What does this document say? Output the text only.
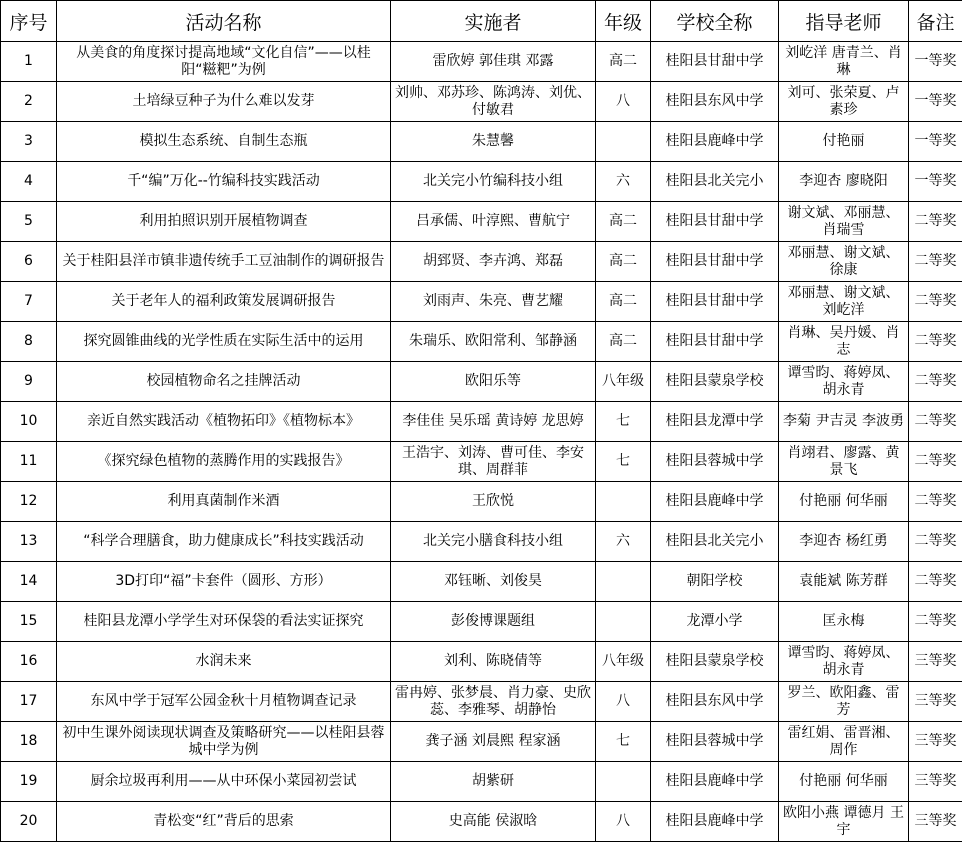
序号	活动名称	实施者	年级	学校全称	指导老师	备注
1	从美食的角度探讨提高地域“文化自信”——以桂阳“糍粑”为例	雷欣婷 郭佳琪 邓露	高二	桂阳县甘甜中学	刘屹洋 唐青兰、肖琳	一等奖
2	土培绿豆种子为什么难以发芽	刘帅、邓苏珍、陈鸿涛、刘优、付敏君	八	桂阳县东风中学	刘可、张荣夏、卢素珍	一等奖
3	模拟生态系统、自制生态瓶	朱慧馨		桂阳县鹿峰中学	付艳丽	一等奖
4	千“编”万化--竹编科技实践活动	北关完小竹编科技小组	六	桂阳县北关完小	李迎杏 廖晓阳	一等奖
5	利用拍照识别开展植物调查	吕承儒、叶淳熙、曹航宁	高二	桂阳县甘甜中学	谢文斌、邓丽慧、肖瑞雪	二等奖
6	关于桂阳县洋市镇非遗传统手工豆油制作的调研报告	胡郅贤、李卉鸿、郑磊	高二	桂阳县甘甜中学	邓丽慧、谢文斌、徐康	二等奖
7	关于老年人的福利政策发展调研报告	刘雨声、朱亮、曹艺耀	高二	桂阳县甘甜中学	邓丽慧、谢文斌、刘屹洋	二等奖
8	探究圆锥曲线的光学性质在实际生活中的运用	朱瑞乐、欧阳常利、邹静涵	高二	桂阳县甘甜中学	肖琳、吴丹媛、肖志	二等奖
9	校园植物命名之挂牌活动	欧阳乐等	八年级	桂阳县蒙泉学校	谭雪昀、蒋婷凤、胡永青	二等奖
10	亲近自然实践活动《植物拓印》《植物标本》	李佳佳 吴乐瑶 黄诗婷 龙思婷	七	桂阳县龙潭中学	李菊 尹吉灵 李波勇	二等奖
11	《探究绿色植物的蒸腾作用的实践报告》	王浩宇、刘涛、曹可佳、李安琪、周群菲	七	桂阳县蓉城中学	肖翊君、廖露、黄景飞	二等奖
12	利用真菌制作米酒	王欣悦		桂阳县鹿峰中学	付艳丽 何华丽	二等奖
13	“科学合理膳食，助力健康成长”科技实践活动	北关完小膳食科技小组	六	桂阳县北关完小	李迎杏 杨红勇	二等奖
14	3D打印“福”卡套件（圆形、方形）	邓钰晰、刘俊昊		朝阳学校	袁能斌 陈芳群	二等奖
15	桂阳县龙潭小学学生对环保袋的看法实证探究	彭俊博课题组		龙潭小学	匡永梅	二等奖
16	水润未来	刘利、陈晓倩等	八年级	桂阳县蒙泉学校	谭雪昀、蒋婷凤、胡永青	三等奖
17	东风中学于冠军公园金秋十月植物调查记录	雷冉婷、张梦晨、肖力豪、史欣蕊、李雅琴、胡静怡	八	桂阳县东风中学	罗兰、欧阳鑫、雷芳	三等奖
18	初中生课外阅读现状调查及策略研究——以桂阳县蓉城中学为例	龚子涵 刘晨熙 程家涵	七	桂阳县蓉城中学	雷红娟、雷晋湘、周作	三等奖
19	厨余垃圾再利用——从中环保小菜园初尝试	胡紫研		桂阳县鹿峰中学	付艳丽 何华丽	三等奖
20	青松变“红”背后的思索	史高能 侯淑晗	八	桂阳县鹿峰中学	欧阳小燕 谭德月 王宇	三等奖
